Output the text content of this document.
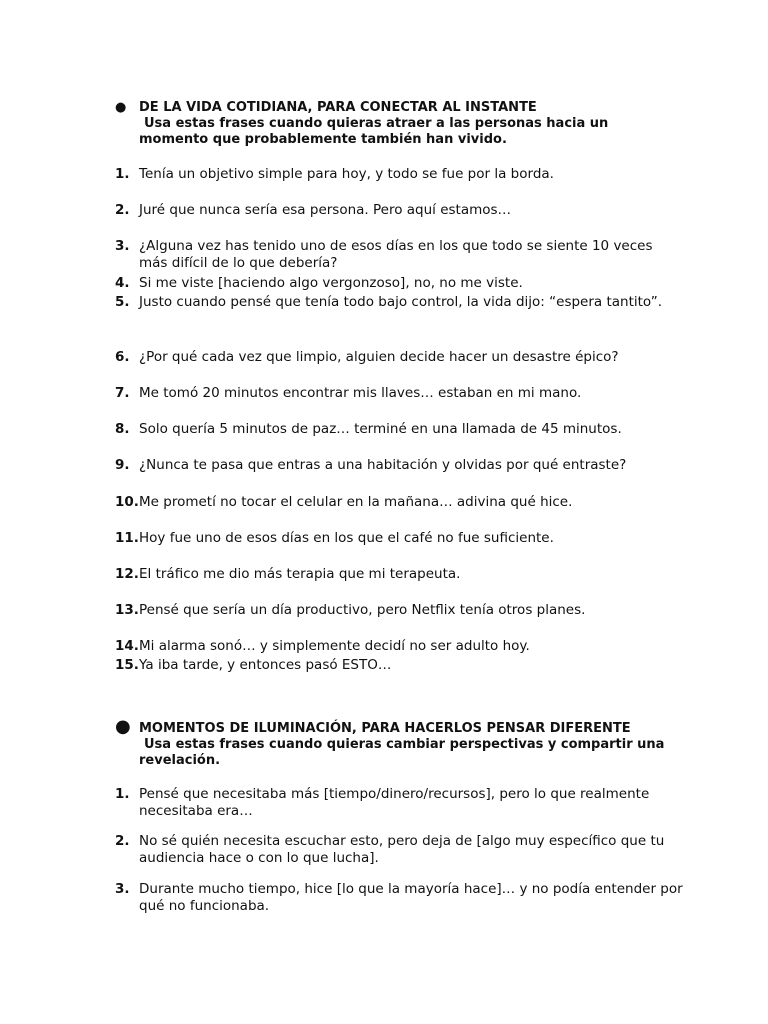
● DE LA VIDA COTIDIANA, PARA CONECTAR AL INSTANTE
Usa estas frases cuando quieras atraer a las personas hacia un momento que probablemente también han vivido.
1. Tenía un objetivo simple para hoy, y todo se fue por la borda.
2. Juré que nunca sería esa persona. Pero aquí estamos…
3. ¿Alguna vez has tenido uno de esos días en los que todo se siente 10 veces más difícil de lo que debería?
4. Si me viste [haciendo algo vergonzoso], no, no me viste.
5. Justo cuando pensé que tenía todo bajo control, la vida dijo: “espera tantito”.
6. ¿Por qué cada vez que limpio, alguien decide hacer un desastre épico?
7. Me tomó 20 minutos encontrar mis llaves… estaban en mi mano.
8. Solo quería 5 minutos de paz… terminé en una llamada de 45 minutos.
9. ¿Nunca te pasa que entras a una habitación y olvidas por qué entraste?
10. Me prometí no tocar el celular en la mañana… adivina qué hice.
11. Hoy fue uno de esos días en los que el café no fue suficiente.
12. El tráfico me dio más terapia que mi terapeuta.
13. Pensé que sería un día productivo, pero Netflix tenía otros planes.
14. Mi alarma sonó… y simplemente decidí no ser adulto hoy.
15. Ya iba tarde, y entonces pasó ESTO…
● MOMENTOS DE ILUMINACIÓN, PARA HACERLOS PENSAR DIFERENTE
Usa estas frases cuando quieras cambiar perspectivas y compartir una revelación.
1. Pensé que necesitaba más [tiempo/dinero/recursos], pero lo que realmente necesitaba era…
2. No sé quién necesita escuchar esto, pero deja de [algo muy específico que tu audiencia hace o con lo que lucha].
3. Durante mucho tiempo, hice [lo que la mayoría hace]… y no podía entender por qué no funcionaba.
